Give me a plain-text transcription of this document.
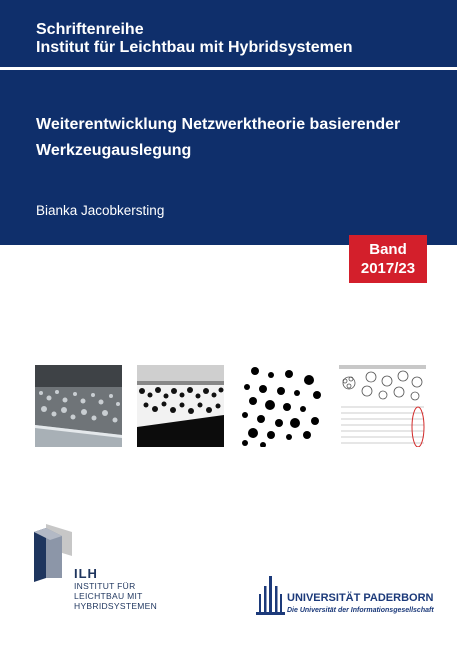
Schriftenreihe
Institut für Leichtbau mit Hybridsystemen
Weiterentwicklung Netzwerktheorie basierender
Werkzeugauslegung
Bianka Jacobkersting
Band
2017/23
ILH
INSTITUT FÜR
LEICHTBAU MIT
HYBRIDSYSTEMEN
UNIVERSITÄT PADERBORN
Die Universität der Informationsgesellschaft
